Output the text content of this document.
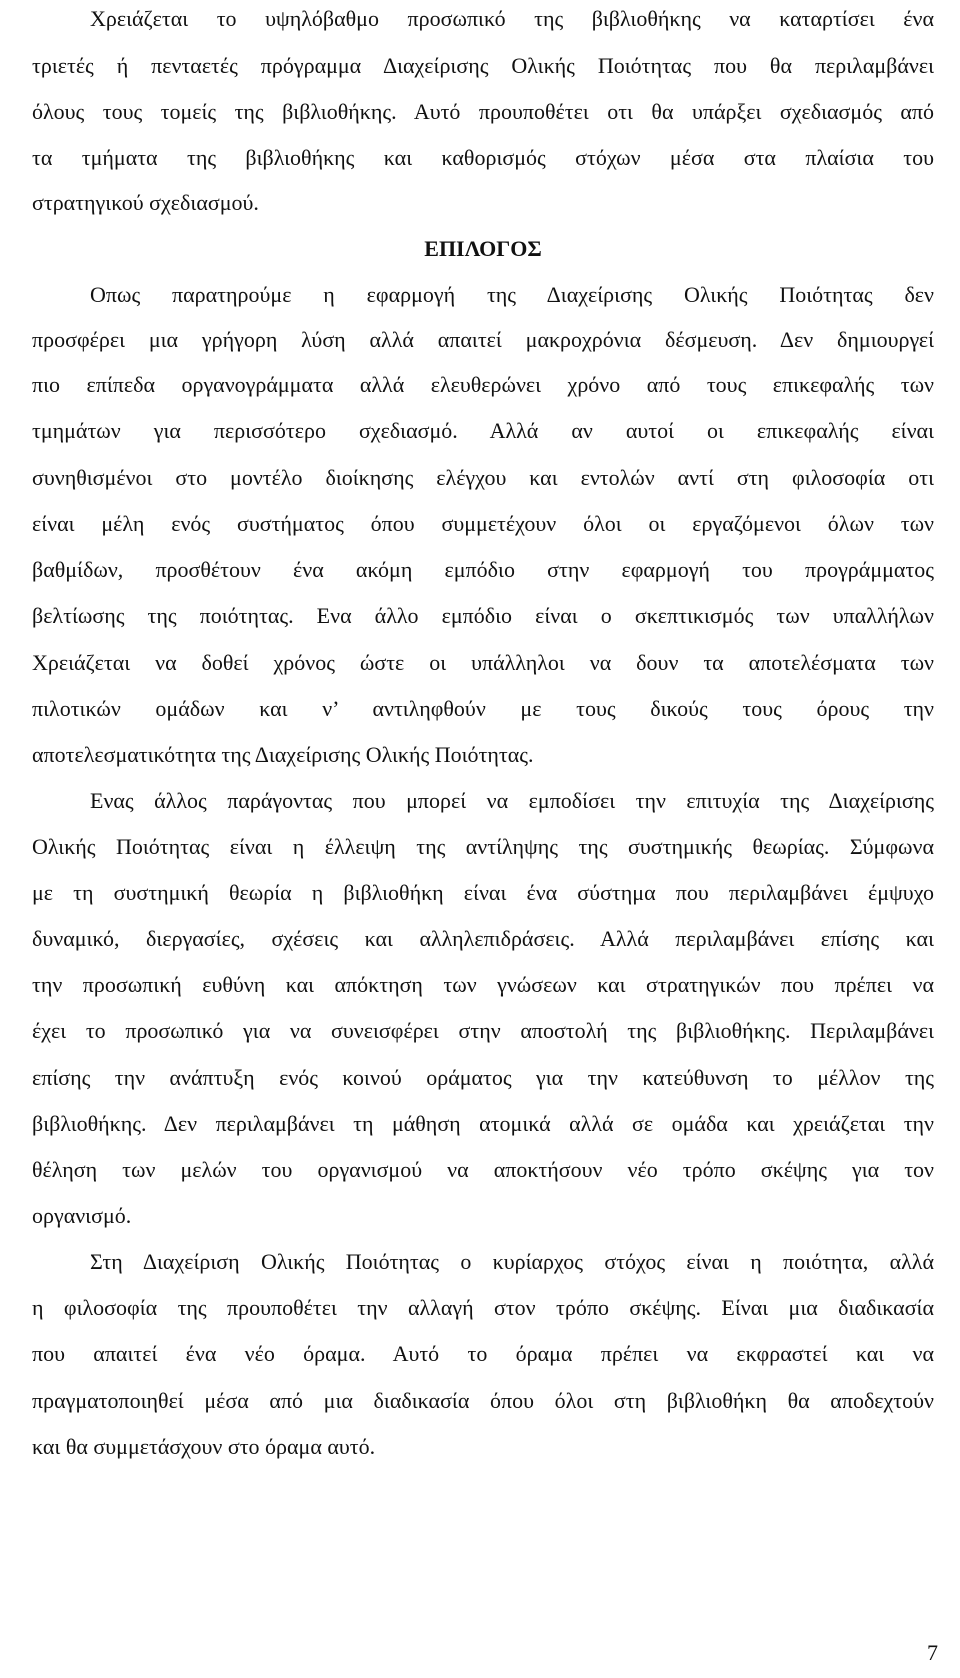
Χρειάζεται το υψηλόβαθμο προσωπικό της βιβλιοθήκης να καταρτίσει ένα
τριετές ή πενταετές πρόγραμμα Διαχείρισης Ολικής Ποιότητας που θα περιλαμβάνει
όλους τους τομείς της βιβλιοθήκης. Αυτό προυποθέτει οτι θα υπάρξει σχεδιασμός από
τα τμήματα της βιβλιοθήκης και καθορισμός στόχων μέσα στα πλαίσια του
στρατηγικού σχεδιασμού.
ΕΠΙΛΟΓΟΣ
Οπως παρατηρούμε η εφαρμογή της Διαχείρισης Ολικής Ποιότητας δεν
προσφέρει μια γρήγορη λύση αλλά απαιτεί μακροχρόνια δέσμευση. Δεν δημιουργεί
πιο επίπεδα οργανογράμματα αλλά ελευθερώνει χρόνο από τους επικεφαλής των
τμημάτων για περισσότερο σχεδιασμό. Αλλά αν αυτοί οι επικεφαλής είναι
συνηθισμένοι στο μοντέλο διοίκησης ελέγχου και εντολών αντί στη φιλοσοφία οτι
είναι μέλη ενός συστήματος όπου συμμετέχουν όλοι οι εργαζόμενοι όλων των
βαθμίδων, προσθέτουν ένα ακόμη εμπόδιο στην εφαρμογή του προγράμματος
βελτίωσης της ποιότητας. Ενα άλλο εμπόδιο είναι ο σκεπτικισμός των υπαλλήλων
Χρειάζεται να δοθεί χρόνος ώστε οι υπάλληλοι να δουν τα αποτελέσματα των
πιλοτικών ομάδων και ν’ αντιληφθούν με τους δικούς τους όρους την
αποτελεσματικότητα της Διαχείρισης Ολικής Ποιότητας.
Ενας άλλος παράγοντας που μπορεί να εμποδίσει την επιτυχία της Διαχείρισης
Ολικής Ποιότητας είναι η έλλειψη της αντίληψης της συστημικής θεωρίας. Σύμφωνα
με τη συστημική θεωρία η βιβλιοθήκη είναι ένα σύστημα που περιλαμβάνει έμψυχο
δυναμικό, διεργασίες, σχέσεις και αλληλεπιδράσεις. Αλλά περιλαμβάνει επίσης και
την προσωπική ευθύνη και απόκτηση των γνώσεων και στρατηγικών που πρέπει να
έχει το προσωπικό για να συνεισφέρει στην αποστολή της βιβλιοθήκης. Περιλαμβάνει
επίσης την ανάπτυξη ενός κοινού οράματος για την κατεύθυνση το μέλλον της
βιβλιοθήκης. Δεν περιλαμβάνει τη μάθηση ατομικά αλλά σε ομάδα και χρειάζεται την
θέληση των μελών του οργανισμού να αποκτήσουν νέο τρόπο σκέψης για τον
οργανισμό.
Στη Διαχείριση Ολικής Ποιότητας ο κυρίαρχος στόχος είναι η ποιότητα, αλλά
η φιλοσοφία της προυποθέτει την αλλαγή στον τρόπο σκέψης. Είναι μια διαδικασία
που απαιτεί ένα νέο όραμα. Αυτό το όραμα πρέπει να εκφραστεί και να
πραγματοποιηθεί μέσα από μια διαδικασία όπου όλοι στη βιβλιοθήκη θα αποδεχτούν
και θα συμμετάσχουν στο όραμα αυτό.
7
